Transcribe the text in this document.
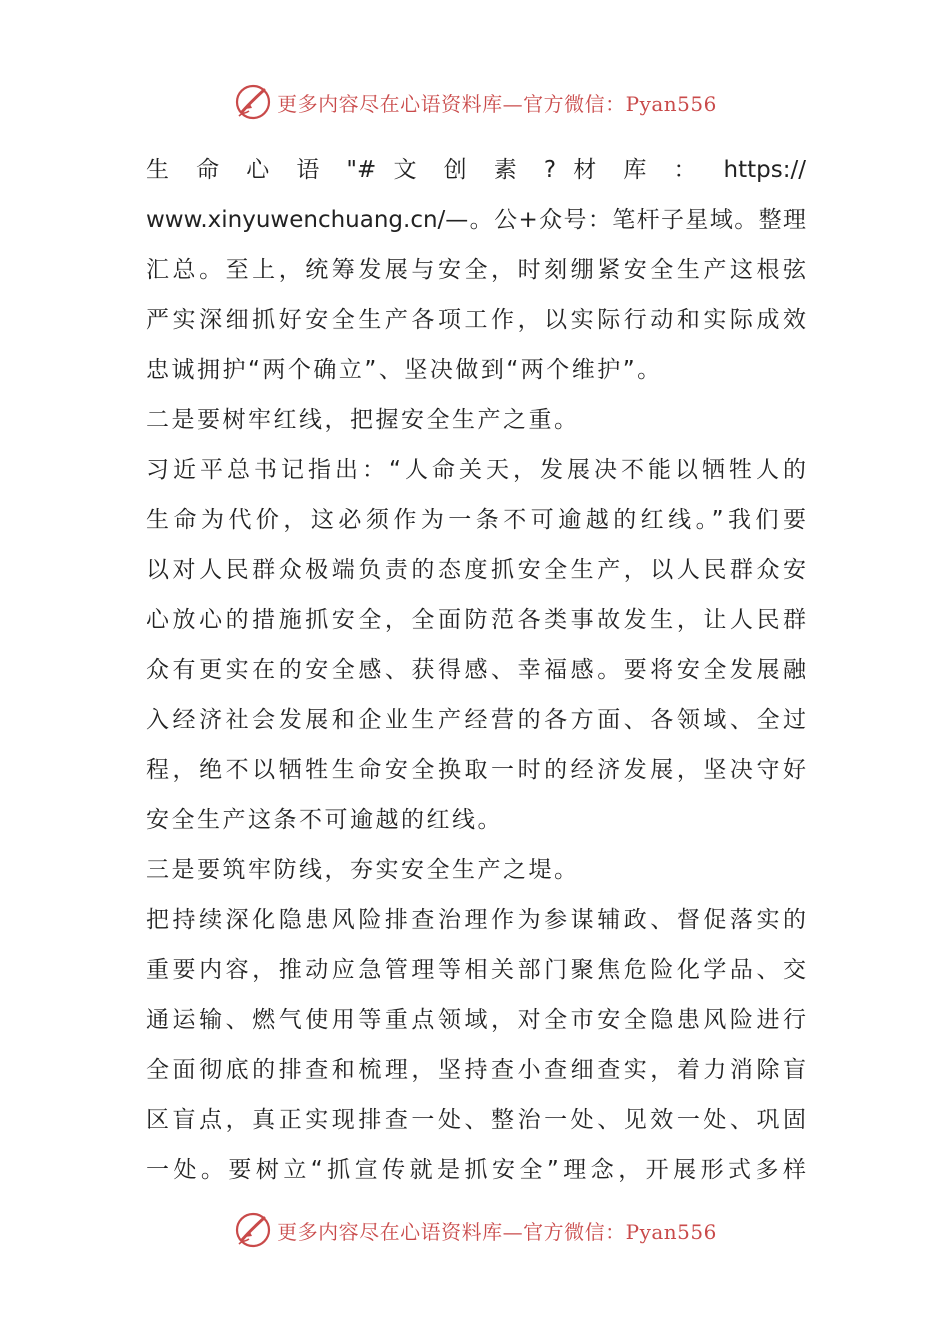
更多内容尽在心语资料库—官方微信：Pyan556
生 命 心 语 "# 文 创 素 ? 材 库 ： https://
www.xinyuwenchuang.cn/—。公+众号：笔杆子星域。整理
汇总。至上，统筹发展与安全，时刻绷紧安全生产这根弦
严实深细抓好安全生产各项工作，以实际行动和实际成效
忠诚拥护“两个确立”、坚决做到“两个维护”。
二是要树牢红线，把握安全生产之重。
习近平总书记指出：“人命关天，发展决不能以牺牲人的
生命为代价，这必须作为一条不可逾越的红线。”我们要
以对人民群众极端负责的态度抓安全生产，以人民群众安
心放心的措施抓安全，全面防范各类事故发生，让人民群
众有更实在的安全感、获得感、幸福感。要将安全发展融
入经济社会发展和企业生产经营的各方面、各领域、全过
程，绝不以牺牲生命安全换取一时的经济发展，坚决守好
安全生产这条不可逾越的红线。
三是要筑牢防线，夯实安全生产之堤。
把持续深化隐患风险排查治理作为参谋辅政、督促落实的
重要内容，推动应急管理等相关部门聚焦危险化学品、交
通运输、燃气使用等重点领域，对全市安全隐患风险进行
全面彻底的排查和梳理，坚持查小查细查实，着力消除盲
区盲点，真正实现排查一处、整治一处、见效一处、巩固
一处。要树立“抓宣传就是抓安全”理念，开展形式多样
更多内容尽在心语资料库—官方微信：Pyan556
